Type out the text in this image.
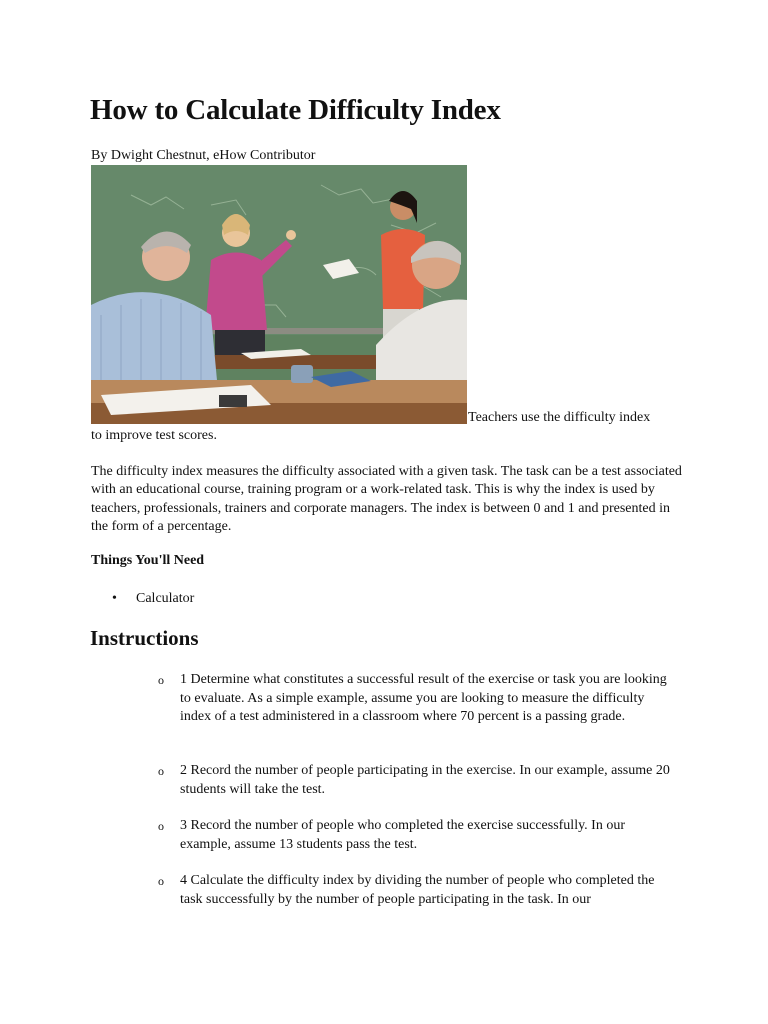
How to Calculate Difficulty Index
By Dwight Chestnut, eHow Contributor
Teachers use the difficulty index
to improve test scores.

The difficulty index measures the difficulty associated with a given task. The task can be a test associated with an educational course, training program or a work-related task. This is why the index is used by teachers, professionals, trainers and corporate managers. The index is between 0 and 1 and presented in the form of a percentage.

Things You'll Need
• Calculator
Instructions
o 1 Determine what constitutes a successful result of the exercise or task you are looking to evaluate. As a simple example, assume you are looking to measure the difficulty index of a test administered in a classroom where 70 percent is a passing grade.
o 2 Record the number of people participating in the exercise. In our example, assume 20 students will take the test.
o 3 Record the number of people who completed the exercise successfully. In our example, assume 13 students pass the test.
o 4 Calculate the difficulty index by dividing the number of people who completed the task successfully by the number of people participating in the task. In our
